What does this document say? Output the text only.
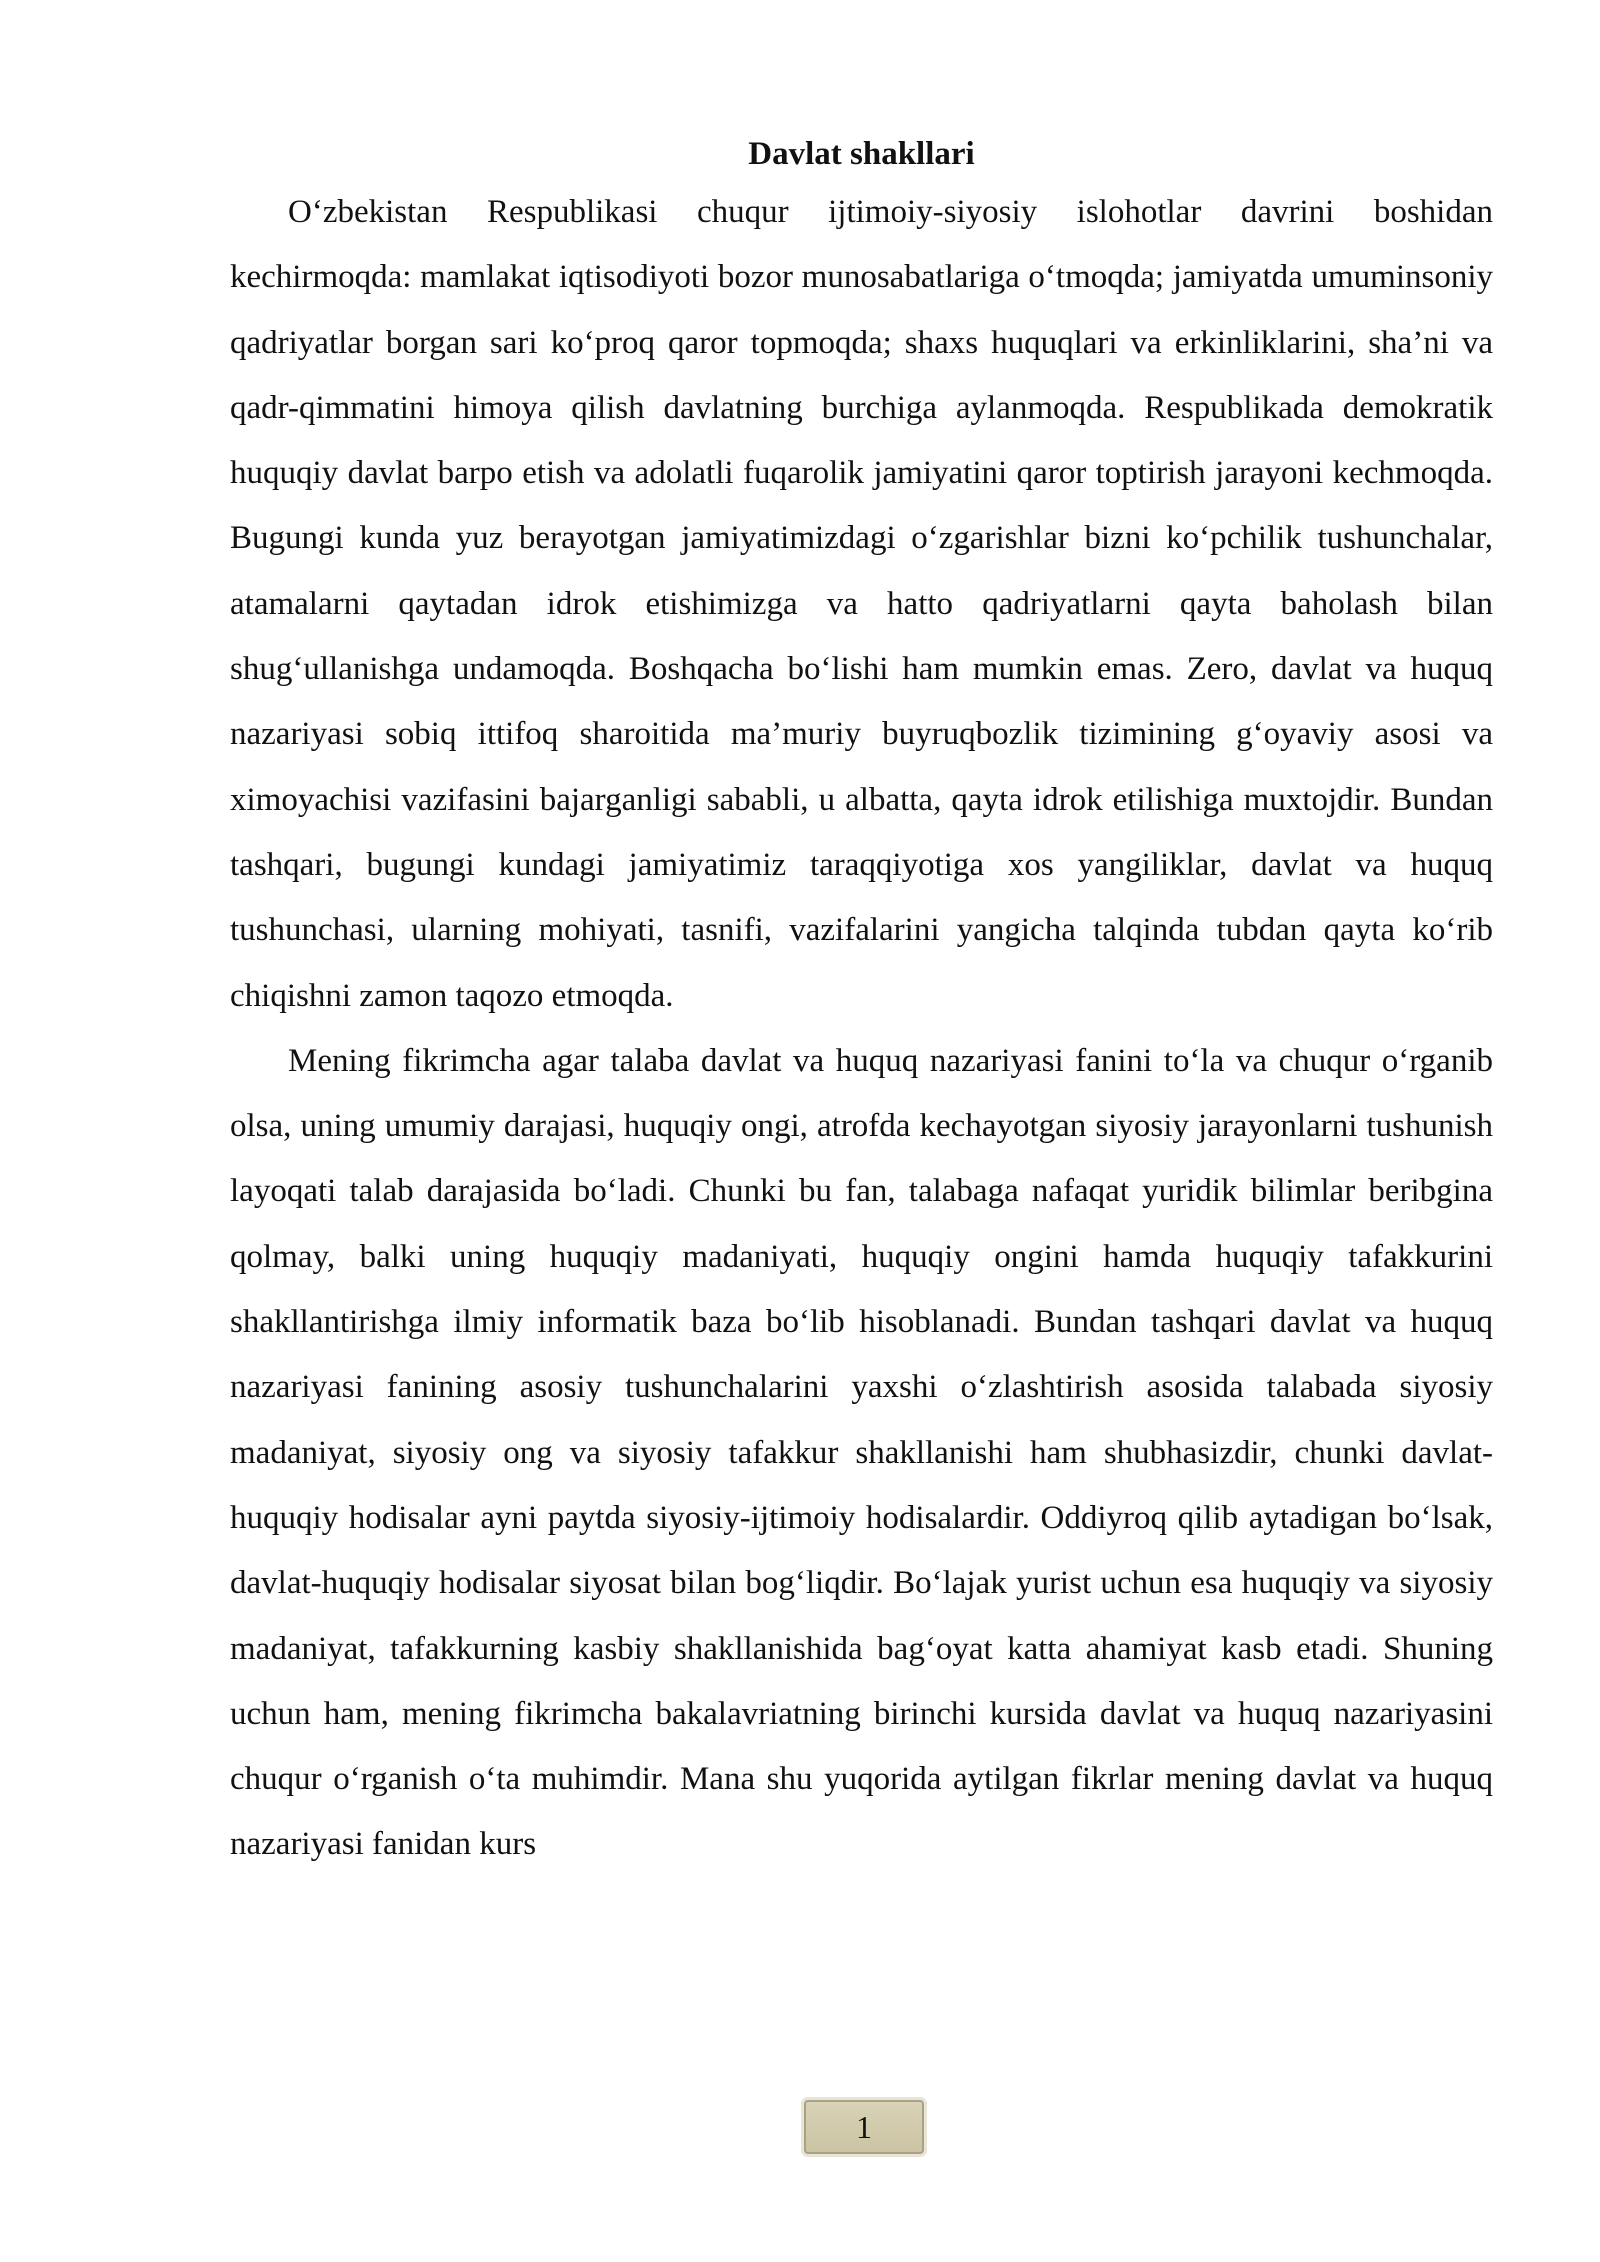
Davlat shakllari

O‘zbekistan Respublikasi chuqur ijtimoiy-siyosiy islohotlar davrini boshidan kechirmoqda: mamlakat iqtisodiyoti bozor munosabatlariga o‘tmoqda; jamiyatda umuminsoniy qadriyatlar borgan sari ko‘proq qaror topmoqda; shaxs huquqlari va erkinliklarini, sha’ni va qadr-qimmatini himoya qilish davlatning burchiga aylanmoqda. Respublikada demokratik huquqiy davlat barpo etish va adolatli fuqarolik jamiyatini qaror toptirish jarayoni kechmoqda. Bugungi kunda yuz berayotgan jamiyatimizdagi o‘zgarishlar bizni ko‘pchilik tushunchalar, atamalarni qaytadan idrok etishimizga va hatto qadriyatlarni qayta baholash bilan shug‘ullanishga undamoqda. Boshqacha bo‘lishi ham mumkin emas. Zero, davlat va huquq nazariyasi sobiq ittifoq sharoitida ma’muriy buyruqbozlik tizimining g‘oyaviy asosi va ximoyachisi vazifasini bajarganligi sababli, u albatta, qayta idrok etilishiga muxtojdir. Bundan tashqari, bugungi kundagi jamiyatimiz taraqqiyotiga xos yangiliklar, davlat va huquq tushunchasi, ularning mohiyati, tasnifi, vazifalarini yangicha talqinda tubdan qayta ko‘rib chiqishni zamon taqozo etmoqda.

Mening fikrimcha agar talaba davlat va huquq nazariyasi fanini to‘la va chuqur o‘rganib olsa, uning umumiy darajasi, huquqiy ongi, atrofda kechayotgan siyosiy jarayonlarni tushunish layoqati talab darajasida bo‘ladi. Chunki bu fan, talabaga nafaqat yuridik bilimlar beribgina qolmay, balki uning huquqiy madaniyati, huquqiy ongini hamda huquqiy tafakkurini shakllantirishga ilmiy informatik baza bo‘lib hisoblanadi. Bundan tashqari davlat va huquq nazariyasi fanining asosiy tushunchalarini yaxshi o‘zlashtirish asosida talabada siyosiy madaniyat, siyosiy ong va siyosiy tafakkur shakllanishi ham shubhasizdir, chunki davlat-huquqiy hodisalar ayni paytda siyosiy-ijtimoiy hodisalardir. Oddiyroq qilib aytadigan bo‘lsak, davlat-huquqiy hodisalar siyosat bilan bog‘liqdir. Bo‘lajak yurist uchun esa huquqiy va siyosiy madaniyat, tafakkurning kasbiy shakllanishida bag‘oyat katta ahamiyat kasb etadi. Shuning uchun ham, mening fikrimcha bakalavriatning birinchi kursida davlat va huquq nazariyasini chuqur o‘rganish o‘ta muhimdir. Mana shu yuqorida aytilgan fikrlar mening davlat va huquq nazariyasi fanidan kurs

1
